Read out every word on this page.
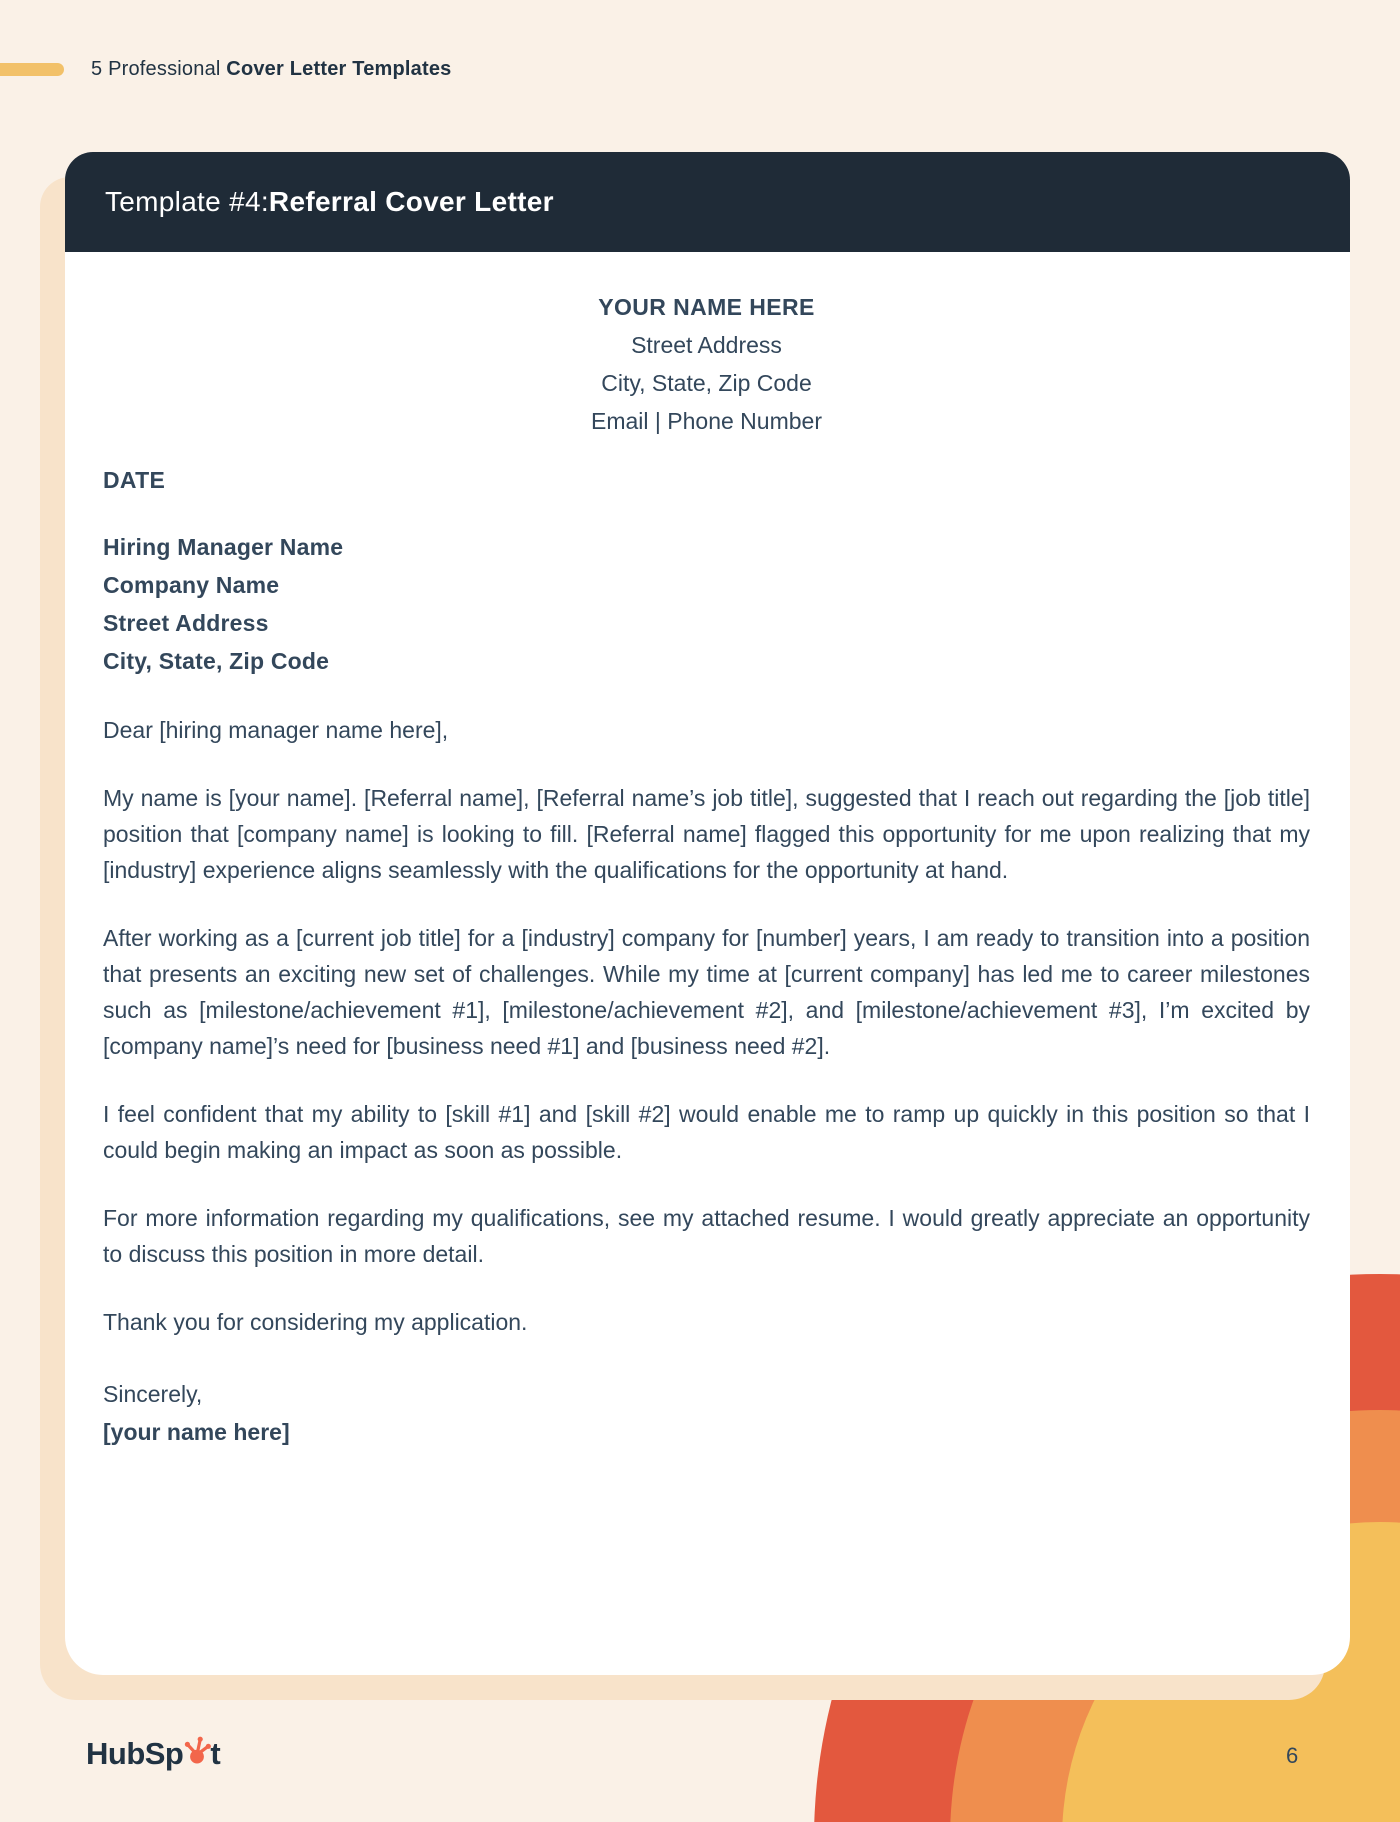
5 Professional Cover Letter Templates
Template #4: Referral Cover Letter
YOUR NAME HERE
Street Address
City, State, Zip Code
Email | Phone Number
DATE
Hiring Manager Name
Company Name
Street Address
City, State, Zip Code
Dear [hiring manager name here],

My name is [your name]. [Referral name], [Referral name’s job title], suggested that I reach out regarding the [job title] position that [company name] is looking to fill. [Referral name] flagged this opportunity for me upon realizing that my [industry] experience aligns seamlessly with the qualifications for the opportunity at hand.

After working as a [current job title] for a [industry] company for [number] years, I am ready to transition into a position that presents an exciting new set of challenges. While my time at [current company] has led me to career milestones such as [milestone/achievement #1], [milestone/achievement #2], and [milestone/achievement #3], I’m excited by [company name]’s need for [business need #1] and [business need #2].

I feel confident that my ability to [skill #1] and [skill #2] would enable me to ramp up quickly in this position so that I could begin making an impact as soon as possible.

For more information regarding my qualifications, see my attached resume. I would greatly appreciate an opportunity to discuss this position in more detail.

Thank you for considering my application.

Sincerely,
[your name here]
HubSp t	6
